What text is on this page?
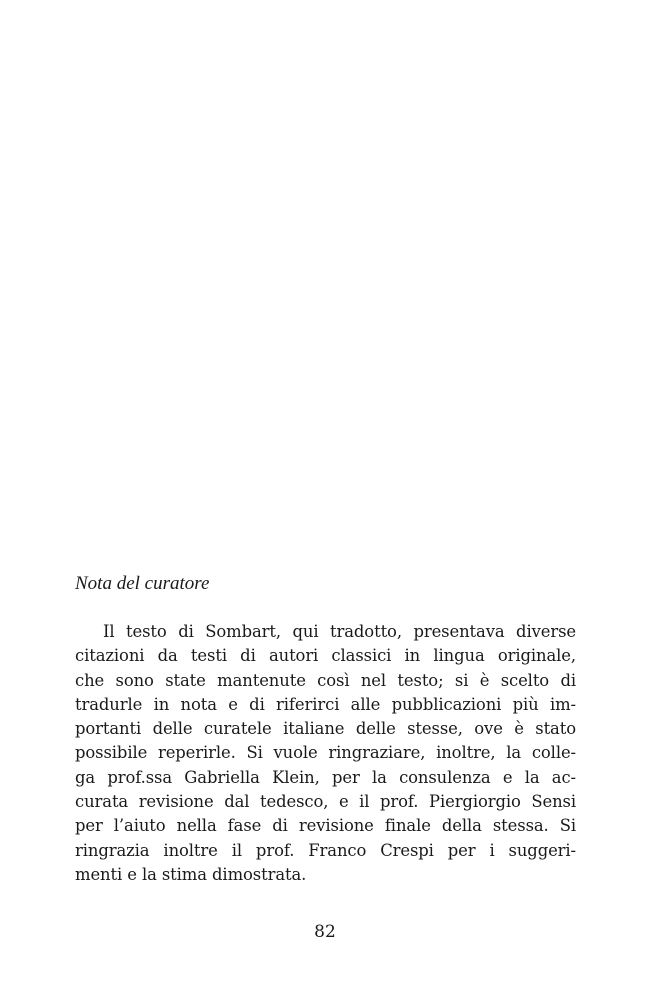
Nota del curatore
Il testo di Sombart, qui tradotto, presentava diverse
citazioni da testi di autori classici in lingua originale,
che sono state mantenute così nel testo; si è scelto di
tradurle in nota e di riferirci alle pubblicazioni più im-
portanti delle curatele italiane delle stesse, ove è stato
possibile reperirle. Si vuole ringraziare, inoltre, la colle-
ga prof.ssa Gabriella Klein, per la consulenza e la ac-
curata revisione dal tedesco, e il prof. Piergiorgio Sensi
per l’aiuto nella fase di revisione finale della stessa. Si
ringrazia inoltre il prof. Franco Crespi per i suggeri-
menti e la stima dimostrata.
82
